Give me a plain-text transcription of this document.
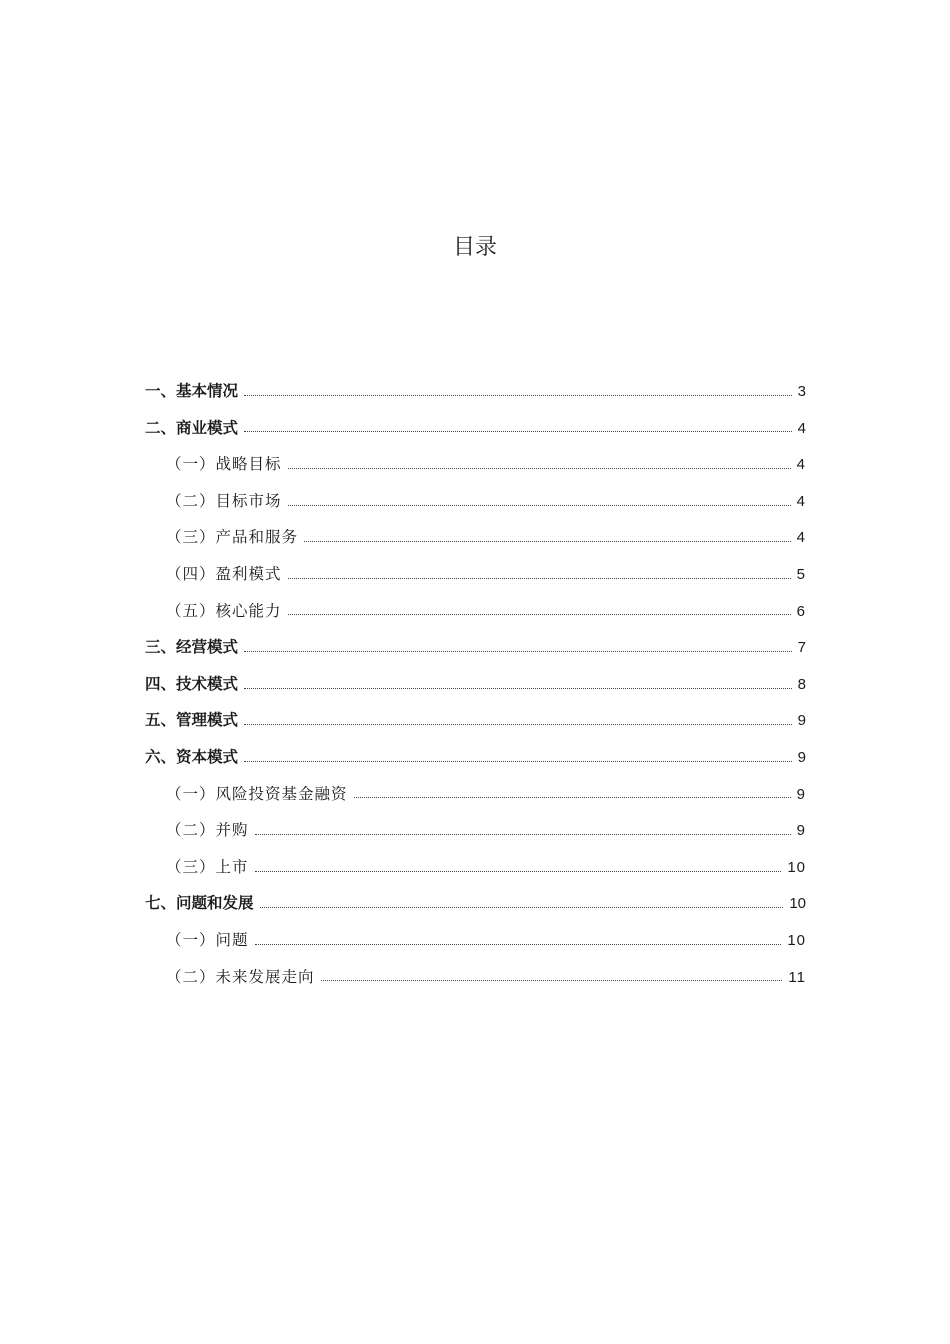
目录
一、基本情况	3
二、商业模式	4
（一）战略目标	4
（二）目标市场	4
（三）产品和服务	4
（四）盈利模式	5
（五）核心能力	6
三、经营模式	7
四、技术模式	8
五、管理模式	9
六、资本模式	9
（一）风险投资基金融资	9
（二）并购	9
（三）上市	10
七、问题和发展	10
（一）问题	10
（二）未来发展走向	11
